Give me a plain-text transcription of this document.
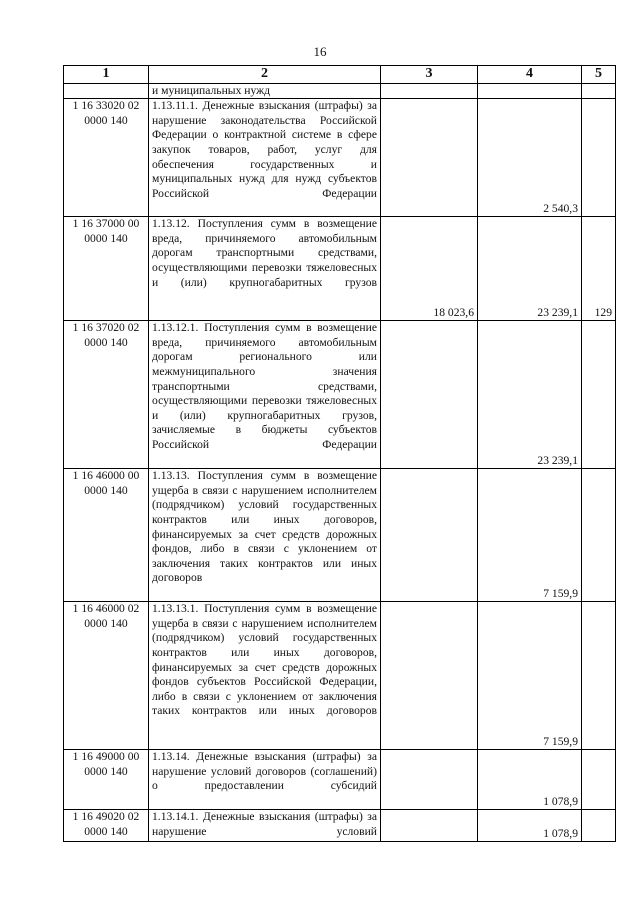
16
1	2	3	4	5
	и муниципальных нужд			

1 16 33020 02
0000 140	1.13.11.1. Денежные взыскания (штрафы) за нарушение законодательства Российской Федерации о контрактной системе в сфере закупок товаров, работ, услуг для обеспечения государственных и муниципальных нужд для нужд субъектов Российской Федерации		2 540,3	

1 16 37000 00
0000 140	1.13.12. Поступления сумм в возмещение вреда, причиняемого автомобильным дорогам транспортными средствами, осуществляющими перевозки тяжеловесных и (или) крупногабаритных грузов	18 023,6	23 239,1	129

1 16 37020 02
0000 140	1.13.12.1. Поступления сумм в возмещение вреда, причиняемого автомобильным дорогам регионального или межмуниципального значения транспортными средствами, осуществляющими перевозки тяжеловесных и (или) крупногабаритных грузов, зачисляемые в бюджеты субъектов Российской Федерации		23 239,1	

1 16 46000 00
0000 140	1.13.13. Поступления сумм в возмещение ущерба в связи с нарушением исполнителем (подрядчиком) условий государственных контрактов или иных договоров, финансируемых за счет средств дорожных фондов, либо в связи с уклонением от заключения таких контрактов или иных договоров		7 159,9	

1 16 46000 02
0000 140	1.13.13.1. Поступления сумм в возмещение ущерба в связи с нарушением исполнителем (подрядчиком) условий государственных контрактов или иных договоров, финансируемых за счет средств дорожных фондов субъектов Российской Федерации, либо в связи с уклонением от заключения таких контрактов или иных договоров		7 159,9	

1 16 49000 00
0000 140	1.13.14. Денежные взыскания (штрафы) за нарушение условий договоров (соглашений) о предоставлении субсидий		1 078,9	

1 16 49020 02
0000 140	1.13.14.1. Денежные взыскания (штрафы) за нарушение условий		1 078,9	
